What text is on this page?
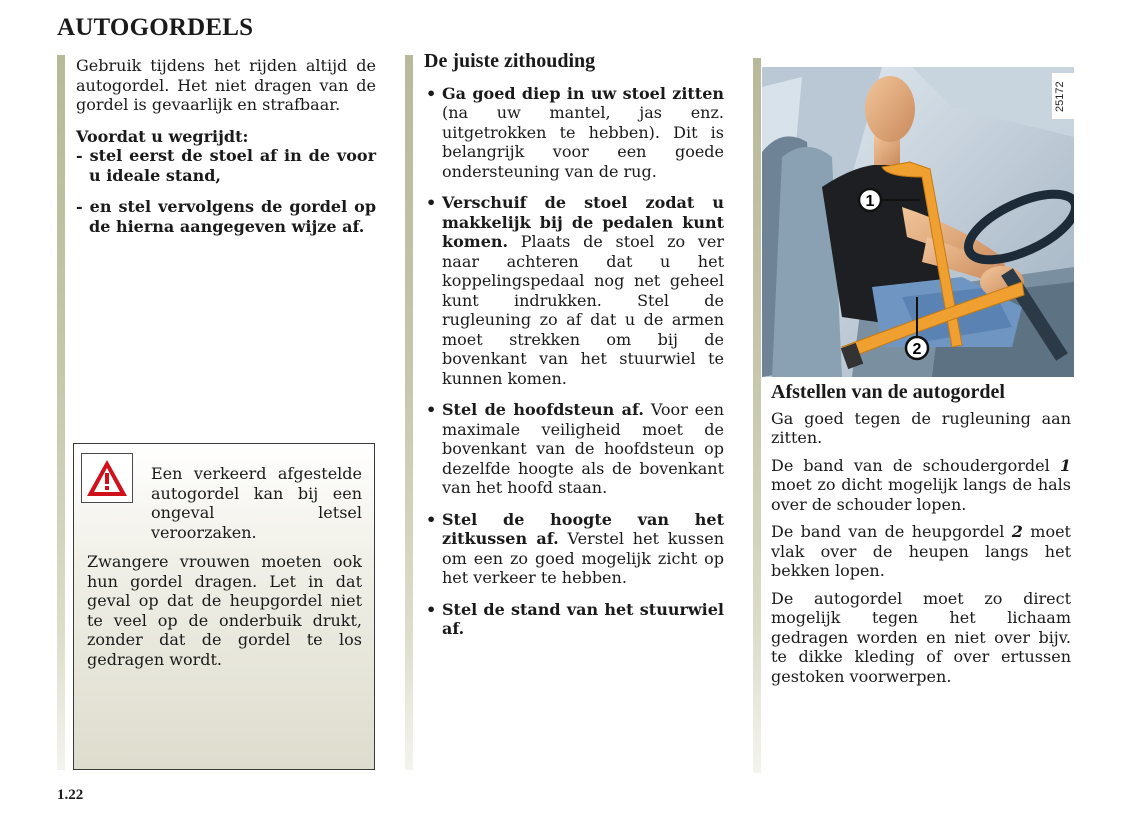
AUTOGORDELS

Gebruik tijdens het rijden altijd de autogordel. Het niet dragen van de gordel is gevaarlijk en strafbaar.

Voordat u wegrijdt:

- stel eerst de stoel af in de voor u ideale stand,

- en stel vervolgens de gordel op de hierna aangegeven wijze af.

Een verkeerd afgestelde autogordel kan bij een ongeval letsel veroorzaken.

Zwangere vrouwen moeten ook hun gordel dragen. Let in dat geval op dat de heupgordel niet te veel op de onderbuik drukt, zonder dat de gordel te los gedragen wordt.

De juiste zithouding

• Ga goed diep in uw stoel zitten (na uw mantel, jas enz. uitgetrokken te hebben). Dit is belangrijk voor een goede ondersteuning van de rug.

• Verschuif de stoel zodat u makkelijk bij de pedalen kunt komen. Plaats de stoel zo ver naar achteren dat u het koppelingspedaal nog net geheel kunt indrukken. Stel de rugleuning zo af dat u de armen moet strekken om bij de bovenkant van het stuurwiel te kunnen komen.

• Stel de hoofdsteun af. Voor een maximale veiligheid moet de bovenkant van de hoofdsteun op dezelfde hoogte als de bovenkant van het hoofd staan.

• Stel de hoogte van het zitkussen af. Verstel het kussen om een zo goed mogelijk zicht op het verkeer te hebben.

• Stel de stand van het stuurwiel af.

1
2
25172

Afstellen van de autogordel

Ga goed tegen de rugleuning aan zitten.

De band van de schoudergordel 1 moet zo dicht mogelijk langs de hals over de schouder lopen.

De band van de heupgordel 2 moet vlak over de heupen langs het bekken lopen.

De autogordel moet zo direct mogelijk tegen het lichaam gedragen worden en niet over bijv. te dikke kleding of over ertussen gestoken voorwerpen.

1.22
